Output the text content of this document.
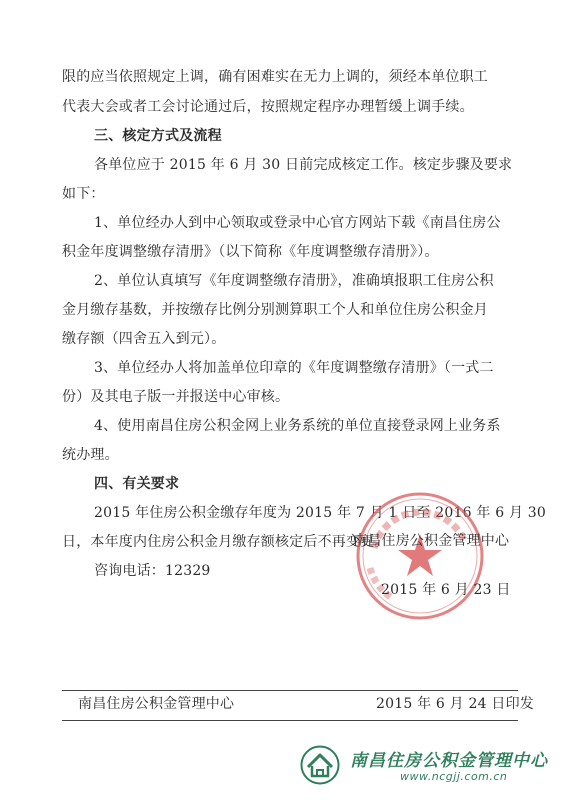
限的应当依照规定上调，确有困难实在无力上调的，须经本单位职工
代表大会或者工会讨论通过后，按照规定程序办理暂缓上调手续。
三、核定方式及流程
各单位应于 2015 年 6 月 30 日前完成核定工作。核定步骤及要求
如下：
1、单位经办人到中心领取或登录中心官方网站下载《南昌住房公
积金年度调整缴存清册》（以下简称《年度调整缴存清册》）。
2、单位认真填写《年度调整缴存清册》，准确填报职工住房公积
金月缴存基数，并按缴存比例分别测算职工个人和单位住房公积金月
缴存额（四舍五入到元）。
3、单位经办人将加盖单位印章的《年度调整缴存清册》（一式二
份）及其电子版一并报送中心审核。
4、使用南昌住房公积金网上业务系统的单位直接登录网上业务系
统办理。
四、有关要求
2015 年住房公积金缴存年度为 2015 年 7 月 1 日至 2016 年 6 月 30
日，本年度内住房公积金月缴存额核定后不再变更。
咨询电话：12329
南昌住房公积金管理中心
2015 年 6 月 23 日
南昌住房公积金管理中心	2015 年 6 月 24 日印发
南昌住房公积金管理中心
www.ncgjj.com.cn
